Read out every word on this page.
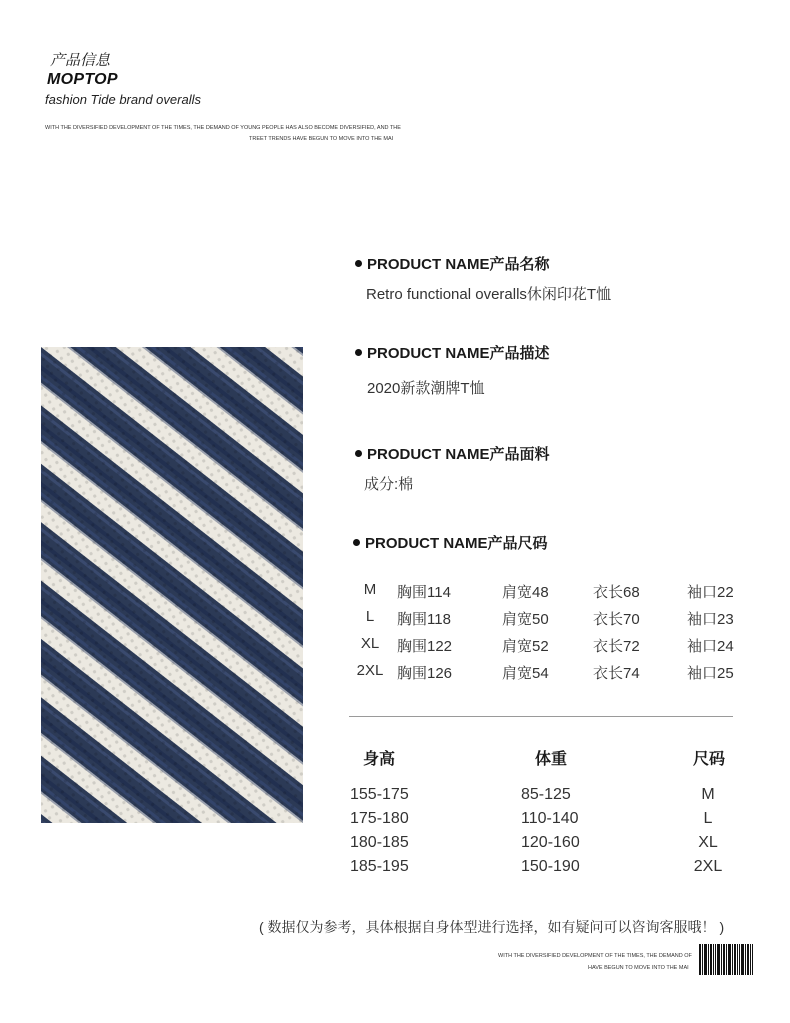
产品信息
MOPTOP
fashion Tide brand overalls
WITH THE DIVERSIFIED DEVELOPMENT OF THE TIMES, THE DEMAND OF YOUNG PEOPLE HAS ALSO BECOME DIVERSIFIED, AND THE
TREET TRENDS HAVE BEGUN TO MOVE INTO THE MAI
PRODUCT NAME产品名称
Retro functional overalls休闲印花T恤
PRODUCT NAME产品描述
2020新款潮牌T恤
PRODUCT NAME产品面料
成分:棉
PRODUCT NAME产品尺码
M	胸围114	肩宽48	衣长68	袖口22
L	胸围118	肩宽50	衣长70	袖口23
XL	胸围122	肩宽52	衣长72	袖口24
2XL 胸围126	肩宽54	衣长74	袖口25
身高	体重	尺码
155-175	85-125	M
175-180	110-140	L
180-185	120-160	XL
185-195	150-190	2XL
( 数据仅为参考，具体根据自身体型进行选择，如有疑问可以咨询客服哦！ )
WITH THE DIVERSIFIED DEVELOPMENT OF THE TIMES, THE DEMAND OF
HAVE BEGUN TO MOVE INTO THE MAI
